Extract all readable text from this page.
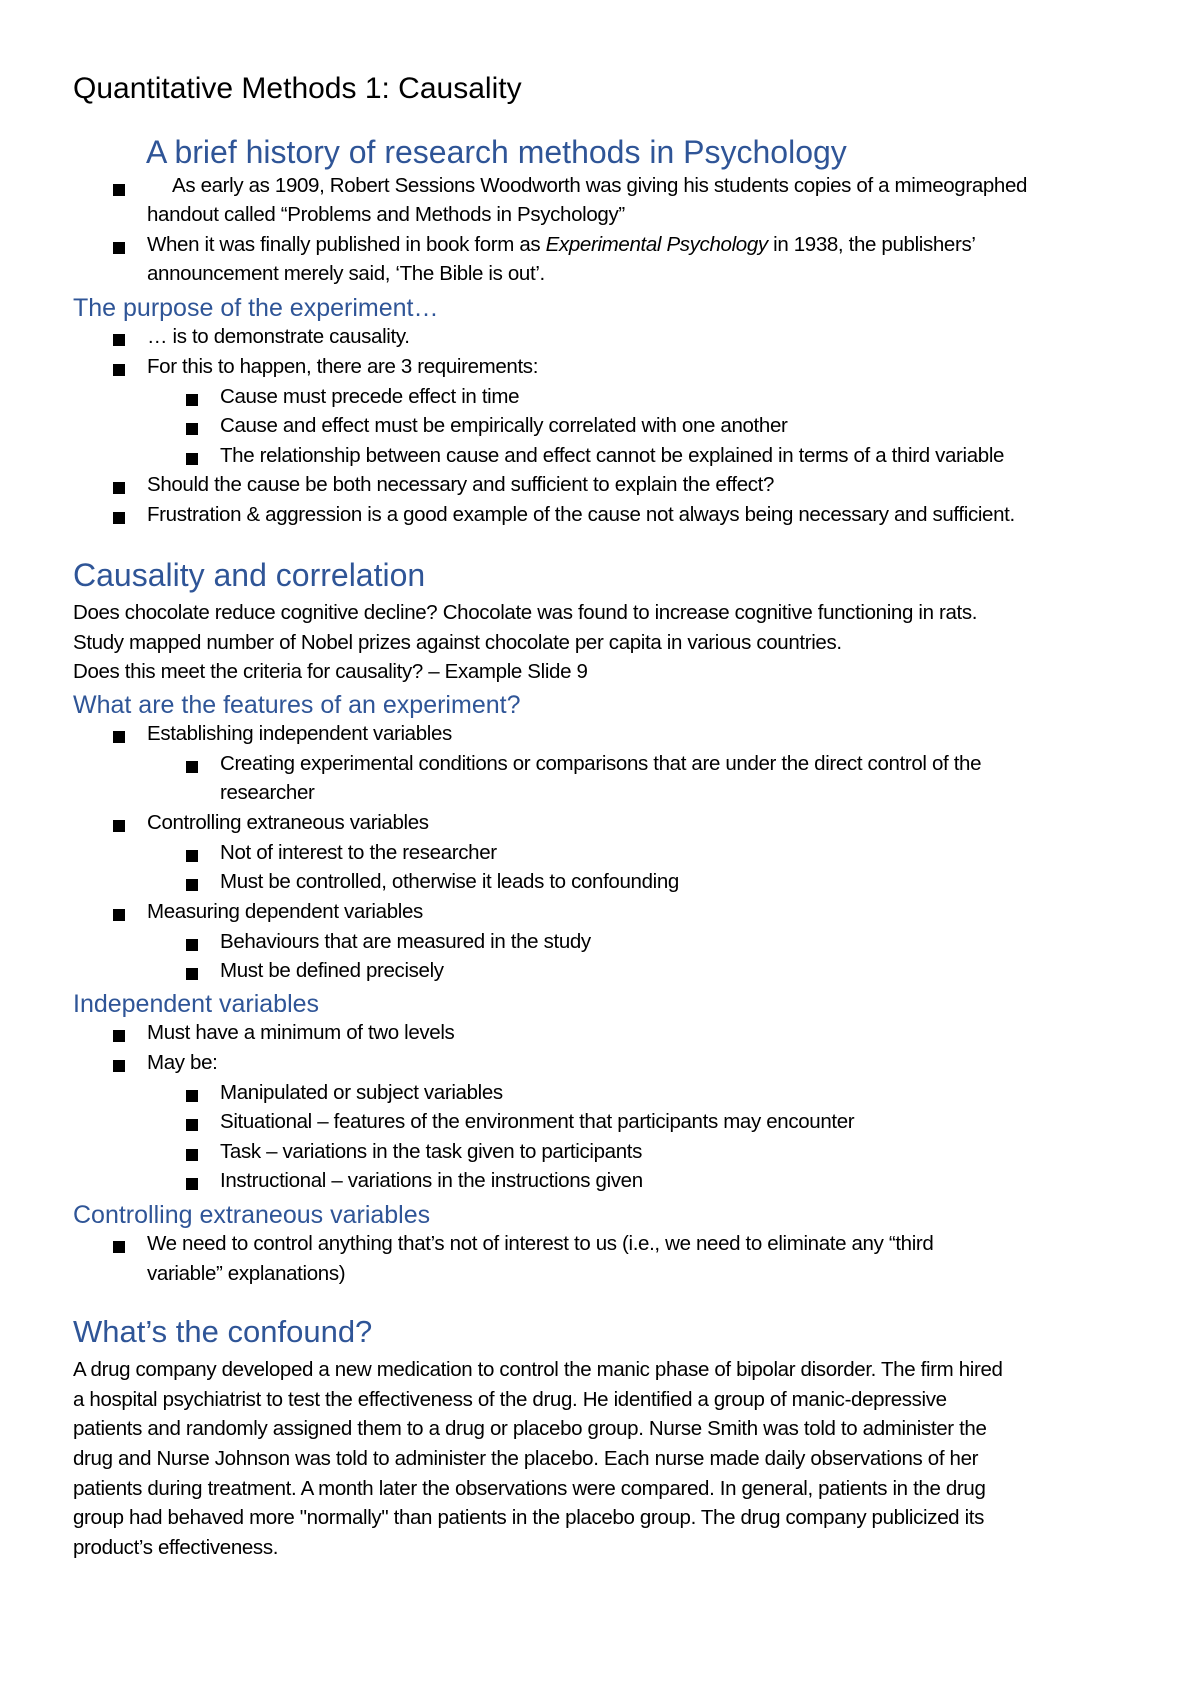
Quantitative Methods 1: Causality
A brief history of research methods in Psychology
As early as 1909, Robert Sessions Woodworth was giving his students copies of a mimeographed
handout called “Problems and Methods in Psychology”
When it was finally published in book form as Experimental Psychology in 1938, the publishers’
announcement merely said, ‘The Bible is out’.
The purpose of the experiment…
… is to demonstrate causality.
For this to happen, there are 3 requirements:
Cause must precede effect in time
Cause and effect must be empirically correlated with one another
The relationship between cause and effect cannot be explained in terms of a third variable
Should the cause be both necessary and sufficient to explain the effect?
Frustration & aggression is a good example of the cause not always being necessary and sufficient.
Causality and correlation
Does chocolate reduce cognitive decline? Chocolate was found to increase cognitive functioning in rats.
Study mapped number of Nobel prizes against chocolate per capita in various countries.
Does this meet the criteria for causality? – Example Slide 9
What are the features of an experiment?
Establishing independent variables
Creating experimental conditions or comparisons that are under the direct control of the
researcher
Controlling extraneous variables
Not of interest to the researcher
Must be controlled, otherwise it leads to confounding
Measuring dependent variables
Behaviours that are measured in the study
Must be defined precisely
Independent variables
Must have a minimum of two levels
May be:
Manipulated or subject variables
Situational – features of the environment that participants may encounter
Task – variations in the task given to participants
Instructional – variations in the instructions given
Controlling extraneous variables
We need to control anything that’s not of interest to us (i.e., we need to eliminate any “third
variable” explanations)
What’s the confound?
A drug company developed a new medication to control the manic phase of bipolar disorder. The firm hired
a hospital psychiatrist to test the effectiveness of the drug. He identified a group of manic-depressive
patients and randomly assigned them to a drug or placebo group. Nurse Smith was told to administer the
drug and Nurse Johnson was told to administer the placebo. Each nurse made daily observations of her
patients during treatment. A month later the observations were compared. In general, patients in the drug
group had behaved more "normally" than patients in the placebo group. The drug company publicized its
product’s effectiveness.
